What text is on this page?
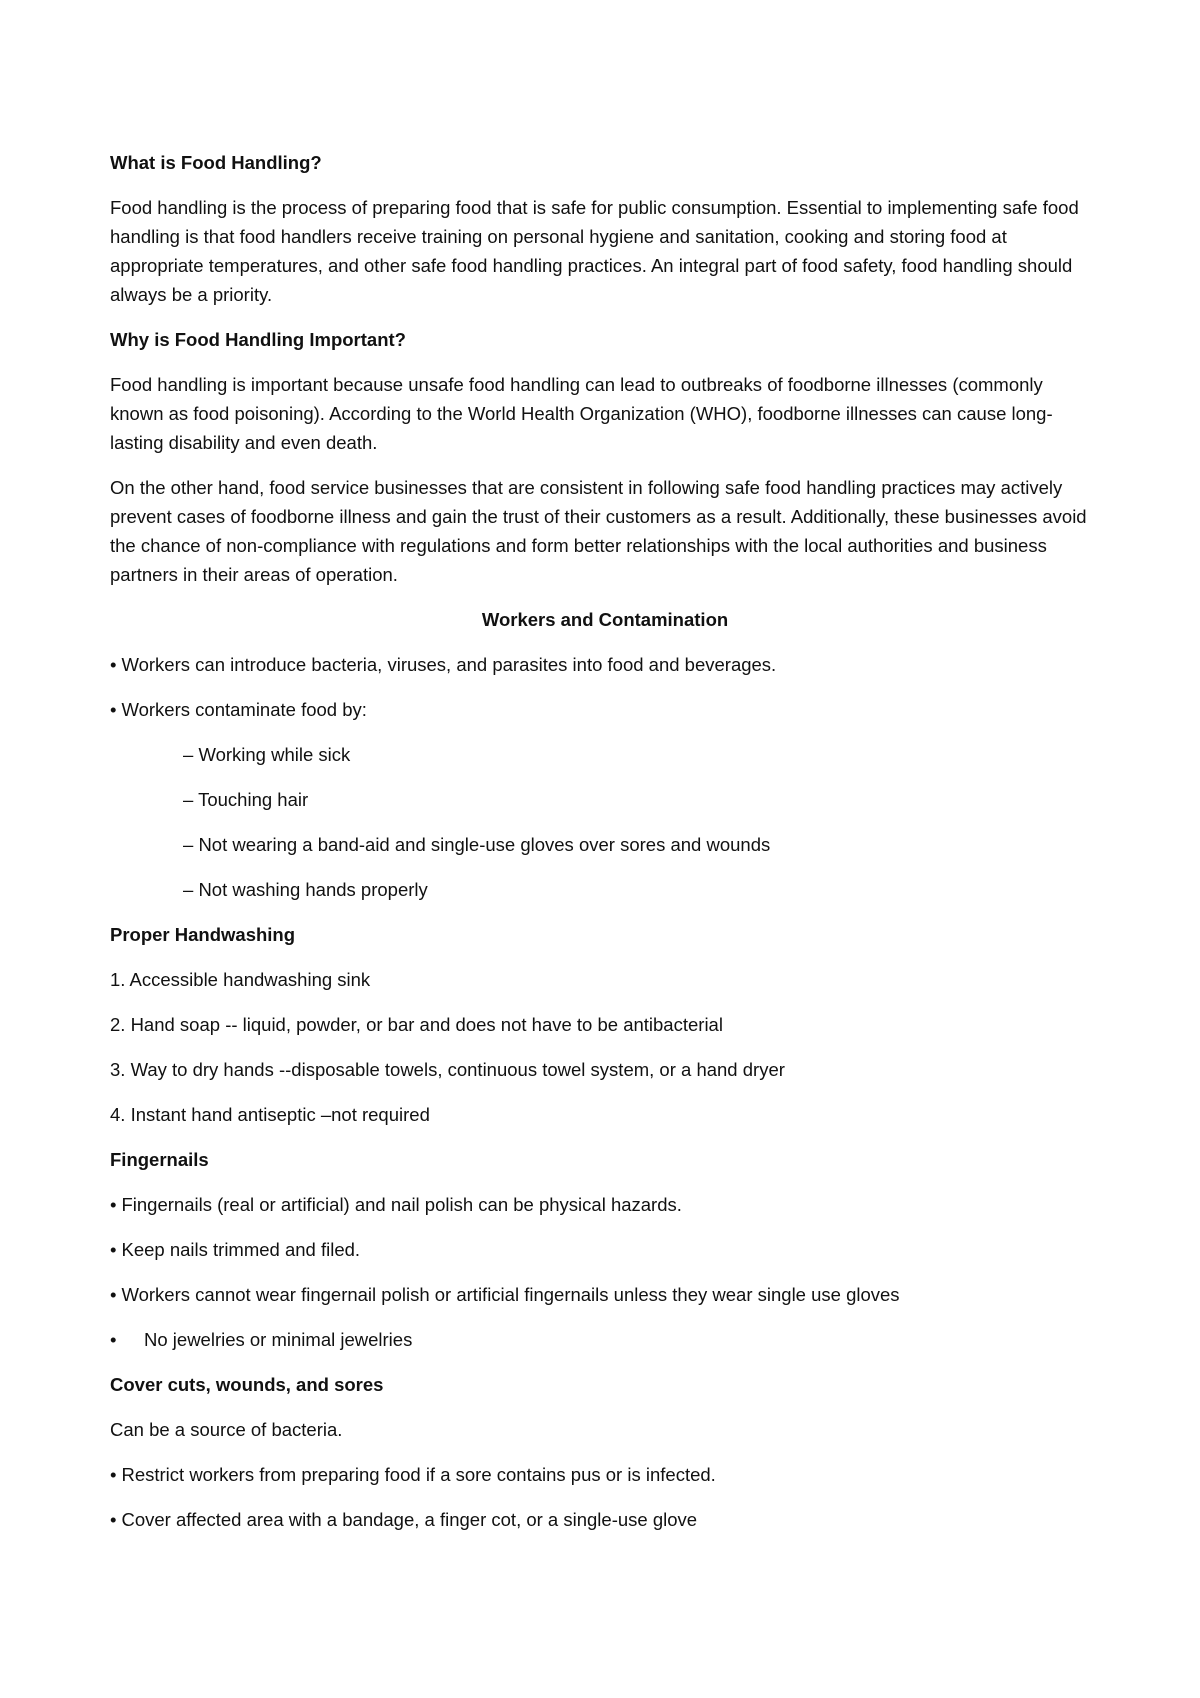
What is Food Handling?

Food handling is the process of preparing food that is safe for public consumption. Essential to implementing safe food handling is that food handlers receive training on personal hygiene and sanitation, cooking and storing food at appropriate temperatures, and other safe food handling practices. An integral part of food safety, food handling should always be a priority.

Why is Food Handling Important?

Food handling is important because unsafe food handling can lead to outbreaks of foodborne illnesses (commonly known as food poisoning). According to the World Health Organization (WHO), foodborne illnesses can cause long-lasting disability and even death.

On the other hand, food service businesses that are consistent in following safe food handling practices may actively prevent cases of foodborne illness and gain the trust of their customers as a result. Additionally, these businesses avoid the chance of non-compliance with regulations and form better relationships with the local authorities and business partners in their areas of operation.

Workers and Contamination
• Workers can introduce bacteria, viruses, and parasites into food and beverages.
• Workers contaminate food by:
– Working while sick
– Touching hair
– Not wearing a band-aid and single-use gloves over sores and wounds
– Not washing hands properly
Proper Handwashing
1. Accessible handwashing sink
2. Hand soap -- liquid, powder, or bar and does not have to be antibacterial
3. Way to dry hands --disposable towels, continuous towel system, or a hand dryer
4. Instant hand antiseptic –not required
Fingernails
• Fingernails (real or artificial) and nail polish can be physical hazards.
• Keep nails trimmed and filed.
• Workers cannot wear fingernail polish or artificial fingernails unless they wear single use gloves
• No jewelries or minimal jewelries
Cover cuts, wounds, and sores

Can be a source of bacteria.

• Restrict workers from preparing food if a sore contains pus or is infected.
• Cover affected area with a bandage, a finger cot, or a single-use glove
